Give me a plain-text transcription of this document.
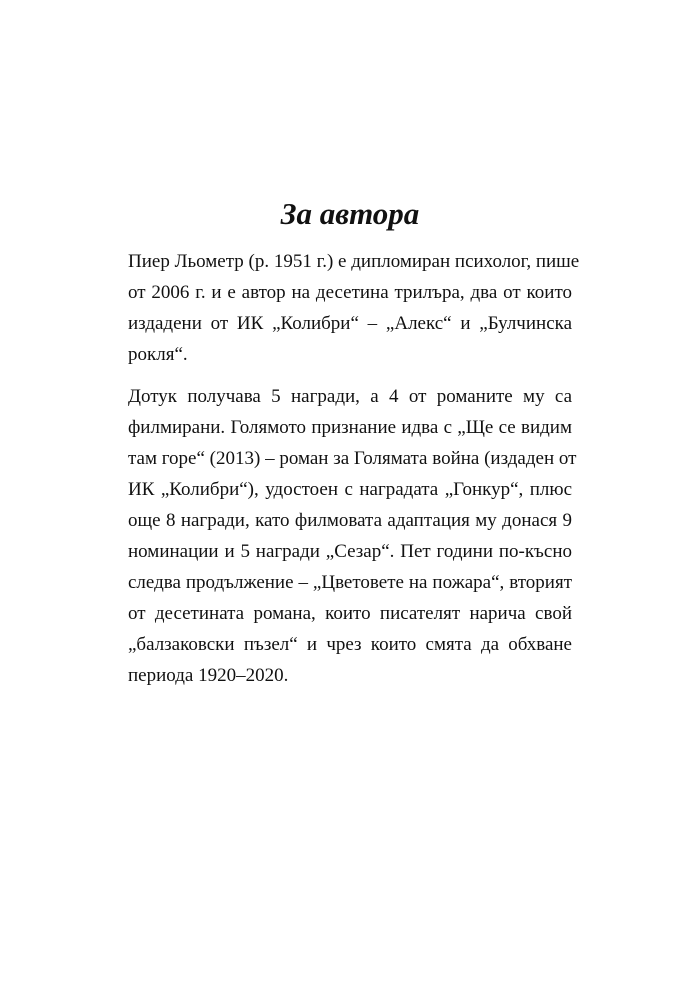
За автора

Пиер Льометр (р. 1951 г.) е дипломиран психолог, пише
от 2006 г. и е автор на десетина трилъра, два от които
издадени от ИК „Колибри“ – „Алекс“ и „Булчинска
рокля“.

Дотук получава 5 награди, а 4 от романите му са
филмирани. Голямото признание идва с „Ще се видим
там горе“ (2013) – роман за Голямата война (издаден от
ИК „Колибри“), удостоен с наградата „Гонкур“, плюс
още 8 награди, като филмовата адаптация му донася 9
номинации и 5 награди „Сезар“. Пет години по-късно
следва продължение – „Цветовете на пожара“, вторият
от десетината романа, които писателят нарича свой
„балзаковски пъзел“ и чрез които смята да обхване
периода 1920–2020.
